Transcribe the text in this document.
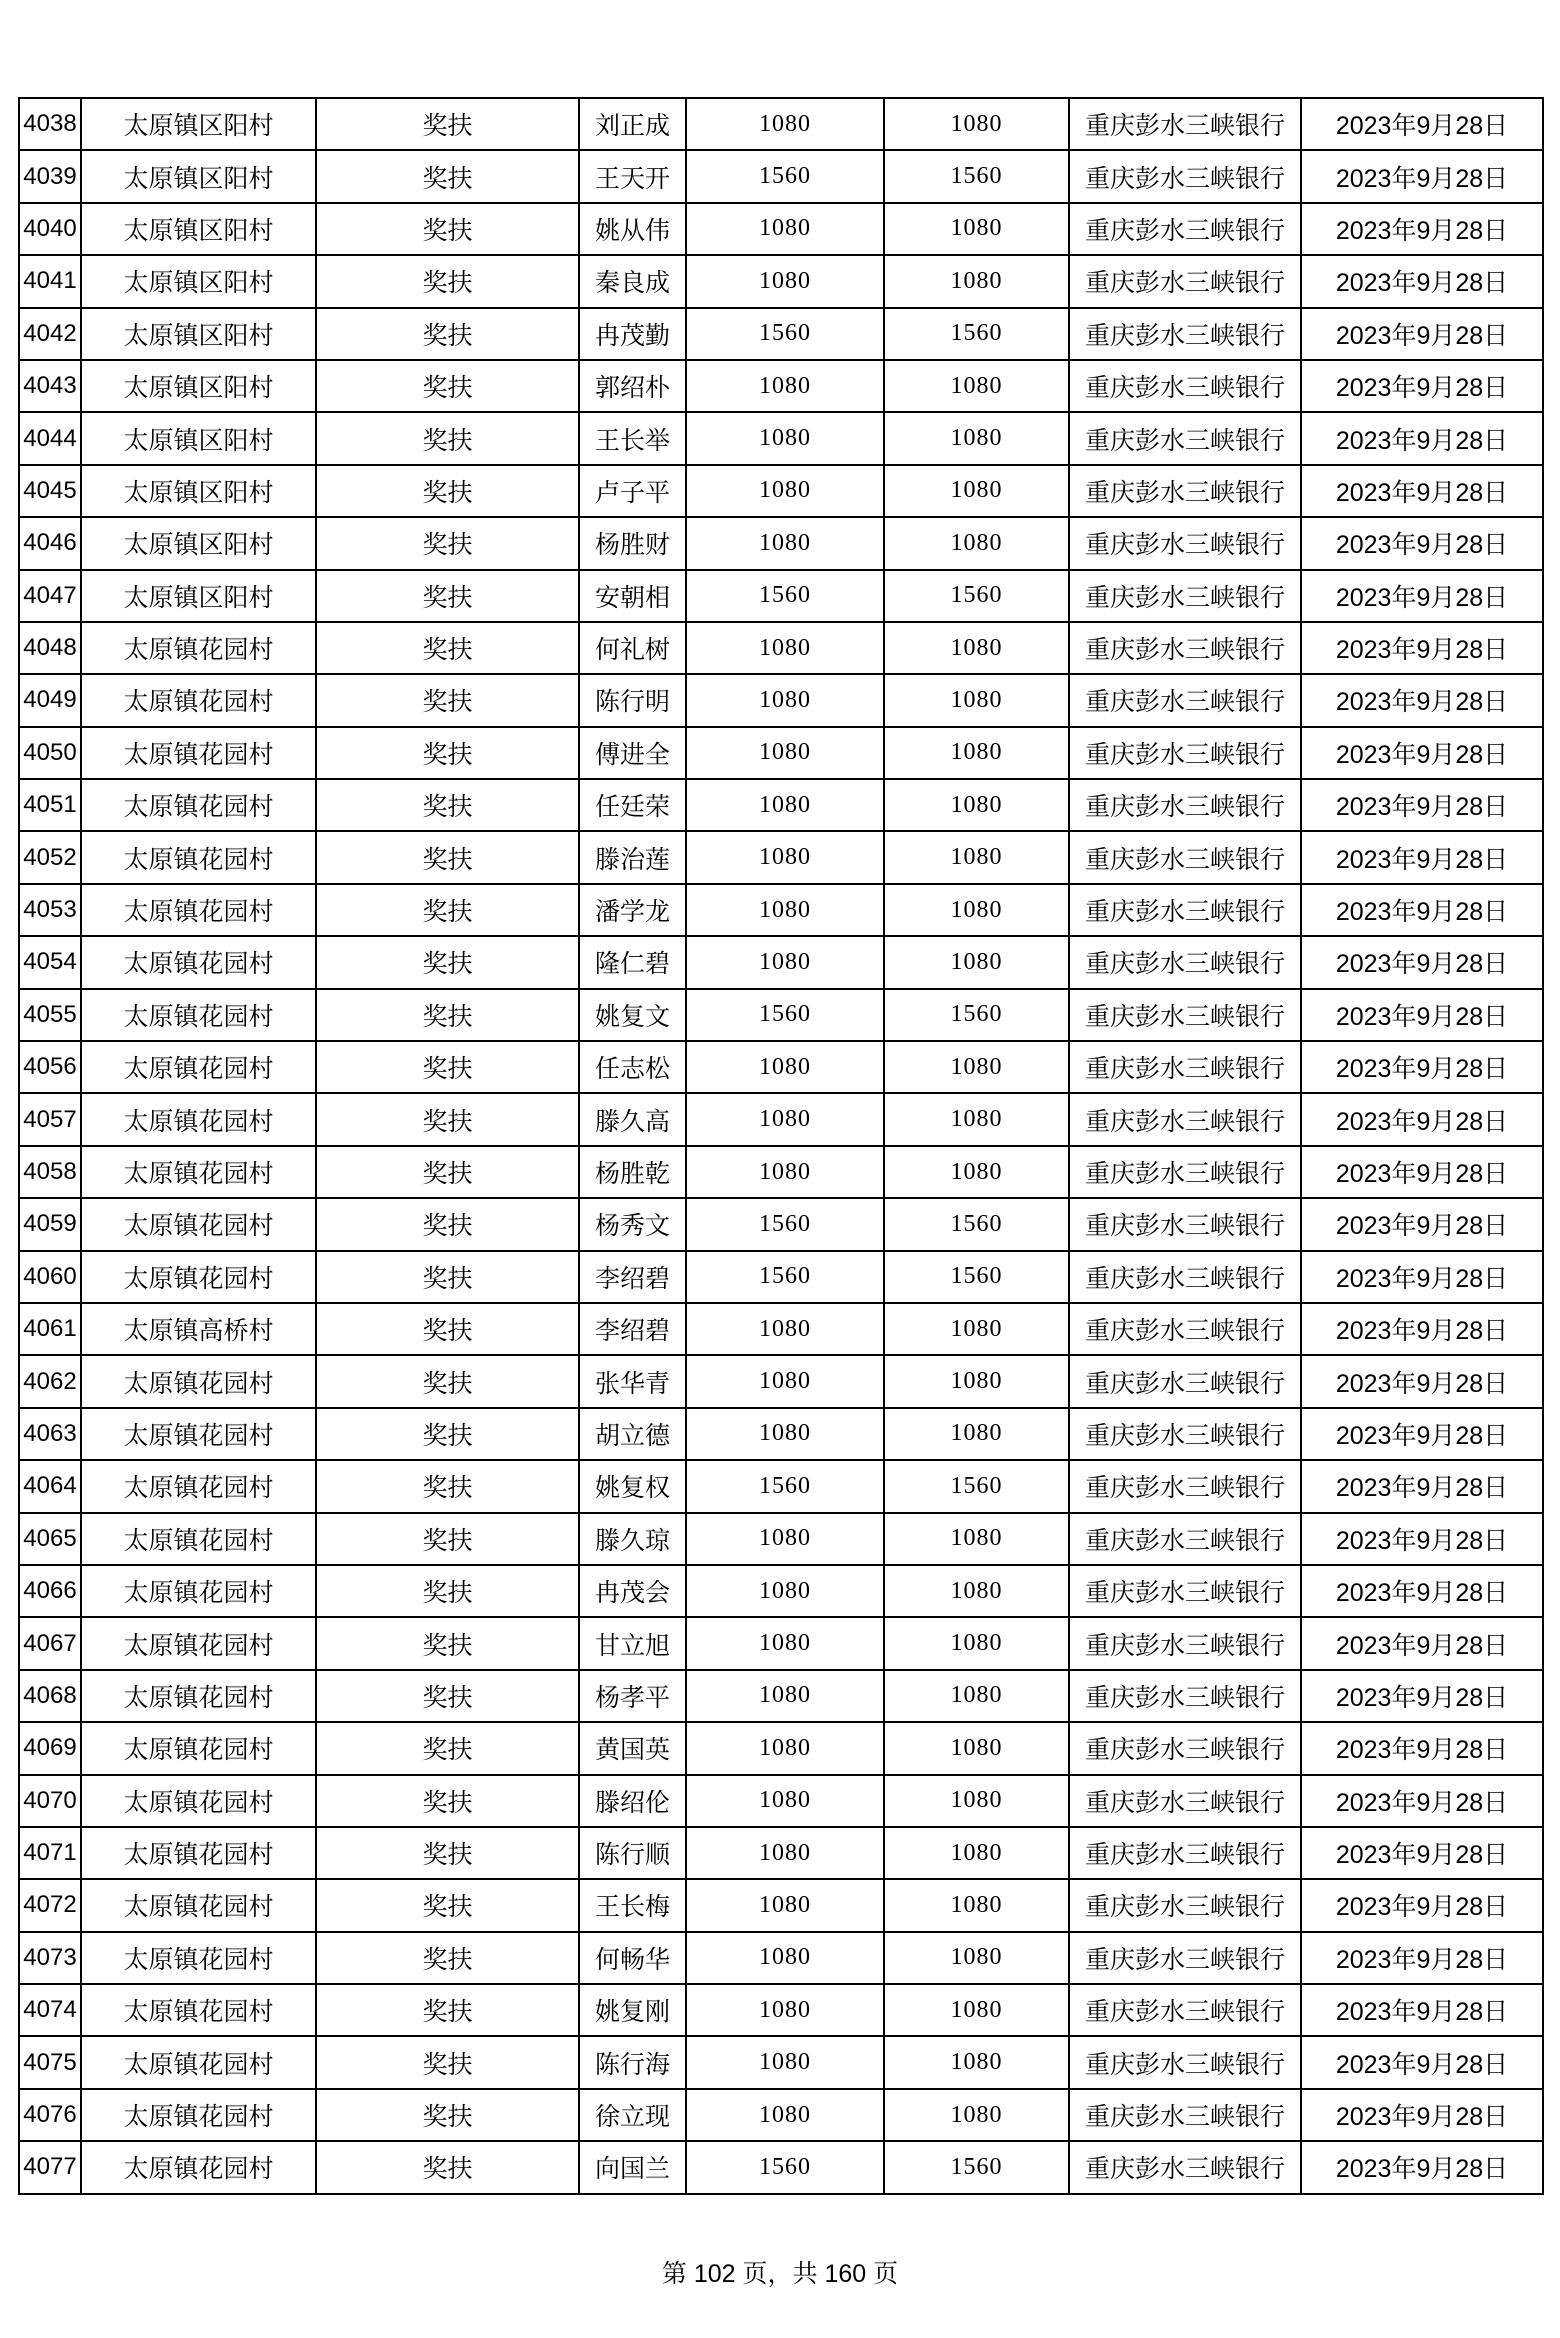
4038	太原镇区阳村	奖扶	刘正成	1080	1080	重庆彭水三峡银行	2023年9月28日
4039	太原镇区阳村	奖扶	王天开	1560	1560	重庆彭水三峡银行	2023年9月28日
4040	太原镇区阳村	奖扶	姚从伟	1080	1080	重庆彭水三峡银行	2023年9月28日
4041	太原镇区阳村	奖扶	秦良成	1080	1080	重庆彭水三峡银行	2023年9月28日
4042	太原镇区阳村	奖扶	冉茂勤	1560	1560	重庆彭水三峡银行	2023年9月28日
4043	太原镇区阳村	奖扶	郭绍朴	1080	1080	重庆彭水三峡银行	2023年9月28日
4044	太原镇区阳村	奖扶	王长举	1080	1080	重庆彭水三峡银行	2023年9月28日
4045	太原镇区阳村	奖扶	卢子平	1080	1080	重庆彭水三峡银行	2023年9月28日
4046	太原镇区阳村	奖扶	杨胜财	1080	1080	重庆彭水三峡银行	2023年9月28日
4047	太原镇区阳村	奖扶	安朝相	1560	1560	重庆彭水三峡银行	2023年9月28日
4048	太原镇花园村	奖扶	何礼树	1080	1080	重庆彭水三峡银行	2023年9月28日
4049	太原镇花园村	奖扶	陈行明	1080	1080	重庆彭水三峡银行	2023年9月28日
4050	太原镇花园村	奖扶	傅进全	1080	1080	重庆彭水三峡银行	2023年9月28日
4051	太原镇花园村	奖扶	任廷荣	1080	1080	重庆彭水三峡银行	2023年9月28日
4052	太原镇花园村	奖扶	滕治莲	1080	1080	重庆彭水三峡银行	2023年9月28日
4053	太原镇花园村	奖扶	潘学龙	1080	1080	重庆彭水三峡银行	2023年9月28日
4054	太原镇花园村	奖扶	隆仁碧	1080	1080	重庆彭水三峡银行	2023年9月28日
4055	太原镇花园村	奖扶	姚复文	1560	1560	重庆彭水三峡银行	2023年9月28日
4056	太原镇花园村	奖扶	任志松	1080	1080	重庆彭水三峡银行	2023年9月28日
4057	太原镇花园村	奖扶	滕久高	1080	1080	重庆彭水三峡银行	2023年9月28日
4058	太原镇花园村	奖扶	杨胜乾	1080	1080	重庆彭水三峡银行	2023年9月28日
4059	太原镇花园村	奖扶	杨秀文	1560	1560	重庆彭水三峡银行	2023年9月28日
4060	太原镇花园村	奖扶	李绍碧	1560	1560	重庆彭水三峡银行	2023年9月28日
4061	太原镇高桥村	奖扶	李绍碧	1080	1080	重庆彭水三峡银行	2023年9月28日
4062	太原镇花园村	奖扶	张华青	1080	1080	重庆彭水三峡银行	2023年9月28日
4063	太原镇花园村	奖扶	胡立德	1080	1080	重庆彭水三峡银行	2023年9月28日
4064	太原镇花园村	奖扶	姚复权	1560	1560	重庆彭水三峡银行	2023年9月28日
4065	太原镇花园村	奖扶	滕久琼	1080	1080	重庆彭水三峡银行	2023年9月28日
4066	太原镇花园村	奖扶	冉茂会	1080	1080	重庆彭水三峡银行	2023年9月28日
4067	太原镇花园村	奖扶	甘立旭	1080	1080	重庆彭水三峡银行	2023年9月28日
4068	太原镇花园村	奖扶	杨孝平	1080	1080	重庆彭水三峡银行	2023年9月28日
4069	太原镇花园村	奖扶	黄国英	1080	1080	重庆彭水三峡银行	2023年9月28日
4070	太原镇花园村	奖扶	滕绍伦	1080	1080	重庆彭水三峡银行	2023年9月28日
4071	太原镇花园村	奖扶	陈行顺	1080	1080	重庆彭水三峡银行	2023年9月28日
4072	太原镇花园村	奖扶	王长梅	1080	1080	重庆彭水三峡银行	2023年9月28日
4073	太原镇花园村	奖扶	何畅华	1080	1080	重庆彭水三峡银行	2023年9月28日
4074	太原镇花园村	奖扶	姚复刚	1080	1080	重庆彭水三峡银行	2023年9月28日
4075	太原镇花园村	奖扶	陈行海	1080	1080	重庆彭水三峡银行	2023年9月28日
4076	太原镇花园村	奖扶	徐立现	1080	1080	重庆彭水三峡银行	2023年9月28日
4077	太原镇花园村	奖扶	向国兰	1560	1560	重庆彭水三峡银行	2023年9月28日
第 102 页，共 160 页
